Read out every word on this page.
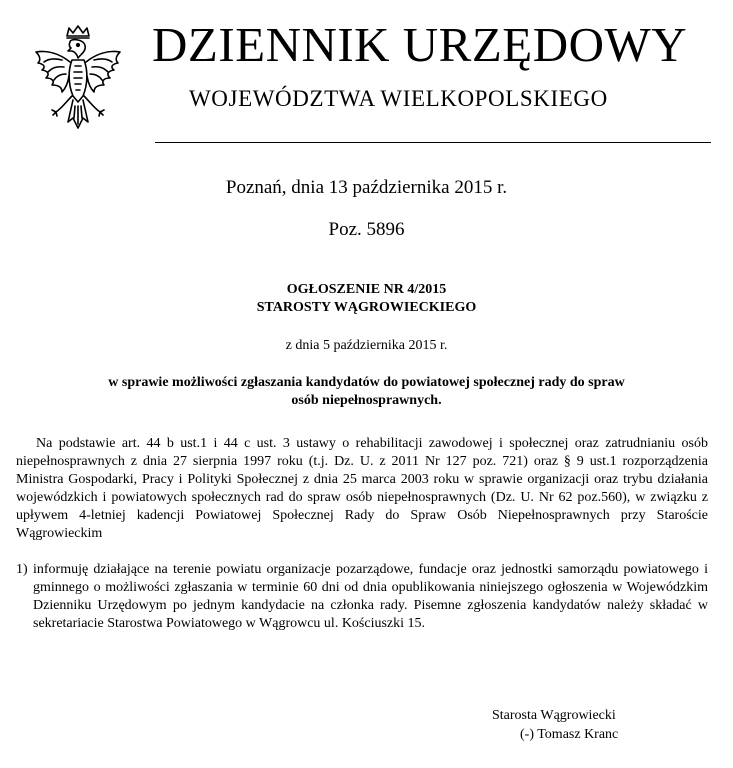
DZIENNIK URZĘDOWY
WOJEWÓDZTWA WIELKOPOLSKIEGO
Poznań, dnia 13 października 2015 r.
Poz. 5896
OGŁOSZENIE NR 4/2015
STAROSTY WĄGROWIECKIEGO
z dnia 5 października 2015 r.
w sprawie możliwości zgłaszania kandydatów do powiatowej społecznej rady do spraw
osób niepełnosprawnych.
Na podstawie art. 44 b ust.1 i 44 c ust. 3 ustawy o rehabilitacji zawodowej i społecznej oraz zatrudnianiu osób niepełnosprawnych z dnia 27 sierpnia 1997 roku (t.j. Dz. U. z 2011 Nr 127 poz. 721) oraz § 9 ust.1 rozporządzenia Ministra Gospodarki, Pracy i Polityki Społecznej z dnia 25 marca 2003 roku w sprawie organizacji oraz trybu działania wojewódzkich i powiatowych społecznych rad do spraw osób niepełnosprawnych (Dz. U. Nr 62 poz.560), w związku z upływem 4-letniej kadencji Powiatowej Społecznej Rady do Spraw Osób Niepełnosprawnych przy Staroście Wągrowieckim
1) informuję działające na terenie powiatu organizacje pozarządowe, fundacje oraz jednostki samorządu powiatowego i gminnego o możliwości zgłaszania w terminie 60 dni od dnia opublikowania niniejszego ogłoszenia w Wojewódzkim Dzienniku Urzędowym po jednym kandydacie na członka rady. Pisemne zgłoszenia kandydatów należy składać w sekretariacie Starostwa Powiatowego w Wągrowcu ul. Kościuszki 15.
Starosta Wągrowiecki
(-) Tomasz Kranc
